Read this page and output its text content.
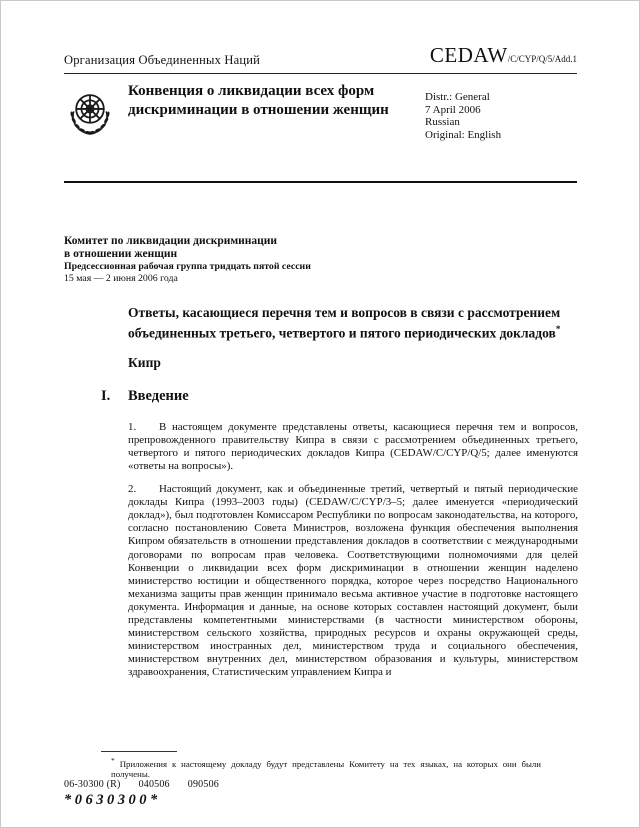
Организация Объединенных Наций	CEDAW/C/CYP/Q/5/Add.1
Конвенция о ликвидации всех форм дискриминации в отношении женщин
Distr.: General
7 April 2006
Russian
Original: English
Комитет по ликвидации дискриминации
в отношении женщин
Предсессионная рабочая группа тридцать пятой сессии
15 мая — 2 июня 2006 года
Ответы, касающиеся перечня тем и вопросов в связи с рассмотрением объединенных третьего, четвертого и пятого периодических докладов*
Кипр
I. Введение

1. В настоящем документе представлены ответы, касающиеся перечня тем и вопросов, препровожденного правительству Кипра в связи с рассмотрением объединенных третьего, четвертого и пятого периодических докладов Кипра (CEDAW/C/CYP/Q/5; далее именуются «ответы на вопросы»).

2. Настоящий документ, как и объединенные третий, четвертый и пятый периодические доклады Кипра (1993–2003 годы) (CEDAW/C/CYP/3–5; далее именуется «периодический доклад»), был подготовлен Комиссаром Республики по вопросам законодательства, на которого, согласно постановлению Совета Министров, возложена функция обеспечения выполнения Кипром обязательств в отношении представления докладов в соответствии с международными договорами по вопросам прав человека. Соответствующими полномочиями для целей Конвенции о ликвидации всех форм дискриминации в отношении женщин наделено министерство юстиции и общественного порядка, которое через посредство Национального механизма защиты прав женщин принимало весьма активное участие в подготовке настоящего документа. Информация и данные, на основе которых составлен настоящий документ, были представлены компетентными министерствами (в частности министерством обороны, министерством сельского хозяйства, природных ресурсов и охраны окружающей среды, министерством иностранных дел, министерством труда и социального обеспечения, министерством внутренних дел, министерством образования и культуры, министерством здравоохранения, Статистическим управлением Кипра и

* Приложения к настоящему докладу будут представлены Комитету на тех языках, на которых они были получены.
06-30300 (R) 040506 090506
*0630300*
